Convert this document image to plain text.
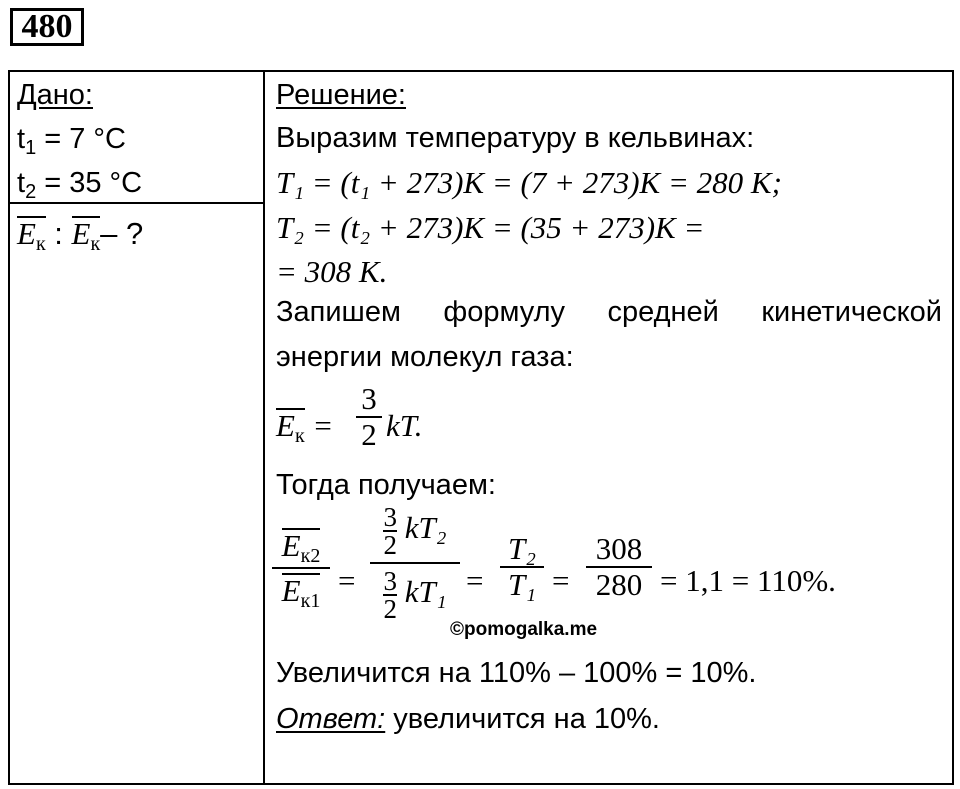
480
Дано:
$t_1 = 7$ °C
$t_2 = 35$ °C
$E_к$ : $E_к-$ ?
Решение:
Выразим температуру в кельвинах:
T₁ = (t₁ + 273)K = (7 + 273)K = 280 K;
T₂ = (t₂ + 273)K = (35 + 273)K =
= 308 K.
Запишем формулу средней кинетической
энергии молекул газа:
$E_к$ =
3
2 kT.
Тогда получаем:
$E_{к2}$
$E_{к1}$
=
$\frac{3}{2} kT_2$
$\frac{3}{2} kT_1$ =
T₂
T₁ =
308
280 = 1,1 = 110%.
©pomogalka.me
Увеличится на 110% – 100% = 10%.
Ответ: увеличится на 10%.
